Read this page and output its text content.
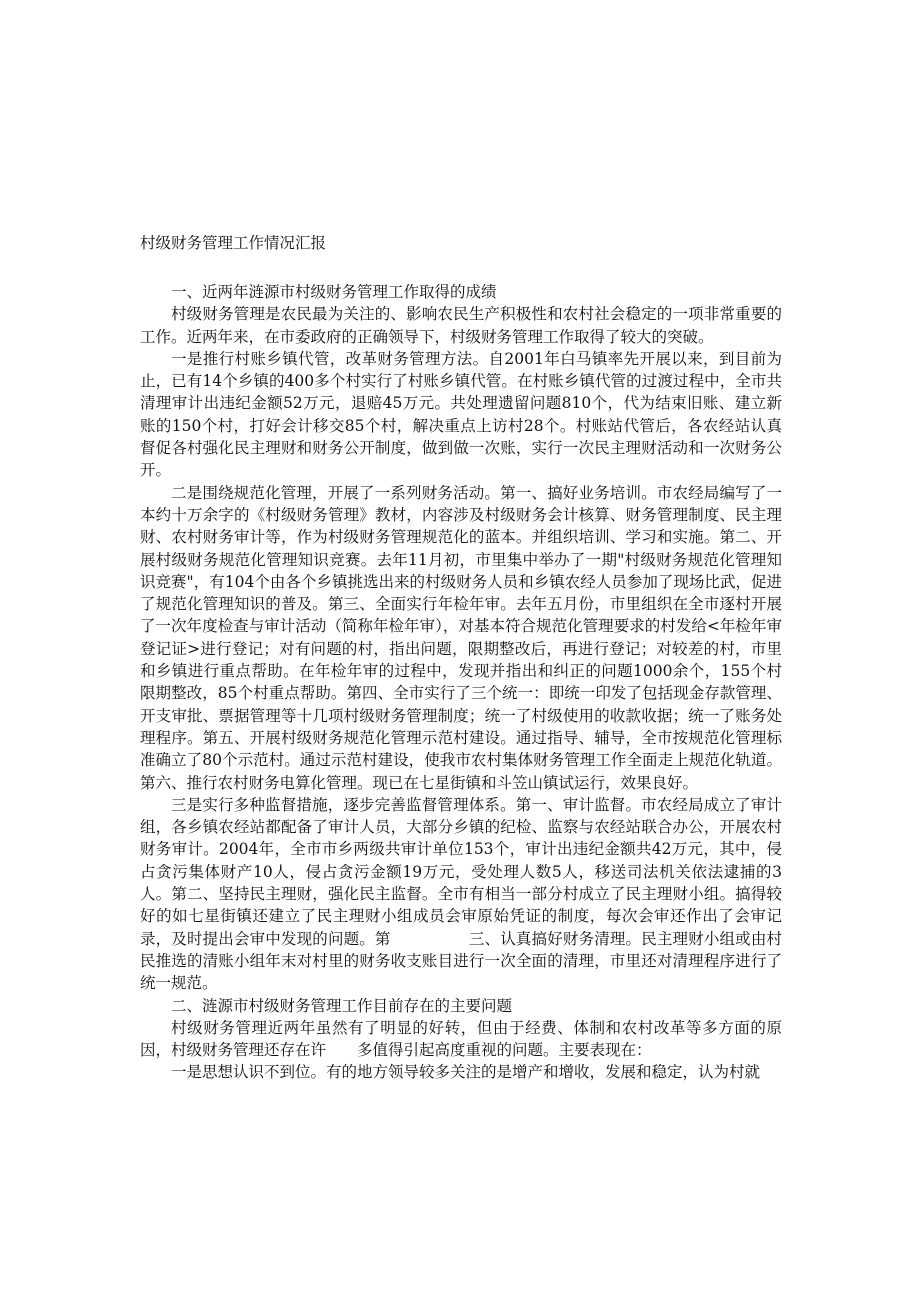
村级财务管理工作情况汇报

一、近两年涟源市村级财务管理工作取得的成绩

村级财务管理是农民最为关注的、影响农民生产积极性和农村社会稳定的一项非常重要的工作。近两年来，在市委政府的正确领导下，村级财务管理工作取得了较大的突破。

一是推行村账乡镇代管，改革财务管理方法。自2001年白马镇率先开展以来，到目前为止，已有14个乡镇的400多个村实行了村账乡镇代管。在村账乡镇代管的过渡过程中，全市共清理审计出违纪金额52万元，退赔45万元。共处理遗留问题810个，代为结束旧账、建立新账的150个村，打好会计移交85个村，解决重点上访村28个。村账站代管后，各农经站认真督促各村强化民主理财和财务公开制度，做到做一次账，实行一次民主理财活动和一次财务公开。

二是围绕规范化管理，开展了一系列财务活动。第一、搞好业务培训。市农经局编写了一本约十万余字的《村级财务管理》教材，内容涉及村级财务会计核算、财务管理制度、民主理财、农村财务审计等，作为村级财务管理规范化的蓝本。并组织培训、学习和实施。第二、开展村级财务规范化管理知识竞赛。去年11月初，市里集中举办了一期"村级财务规范化管理知识竞赛"，有104个由各个乡镇挑选出来的村级财务人员和乡镇农经人员参加了现场比武，促进了规范化管理知识的普及。第三、全面实行年检年审。去年五月份，市里组织在全市逐村开展了一次年度检查与审计活动（简称年检年审），对基本符合规范化管理要求的村发给<年检年审登记证>进行登记；对有问题的村，指出问题，限期整改后，再进行登记；对较差的村，市里和乡镇进行重点帮助。在年检年审的过程中，发现并指出和纠正的问题1000余个，155个村限期整改，85个村重点帮助。第四、全市实行了三个统一：即统一印发了包括现金存款管理、开支审批、票据管理等十几项村级财务管理制度；统一了村级使用的收款收据；统一了账务处理程序。第五、开展村级财务规范化管理示范村建设。通过指导、辅导，全市按规范化管理标准确立了80个示范村。通过示范村建设，使我市农村集体财务管理工作全面走上规范化轨道。第六、推行农村财务电算化管理。现已在七星街镇和斗笠山镇试运行，效果良好。

三是实行多种监督措施，逐步完善监督管理体系。第一、审计监督。市农经局成立了审计组，各乡镇农经站都配备了审计人员，大部分乡镇的纪检、监察与农经站联合办公，开展农村财务审计。2004年，全市市乡两级共审计单位153个，审计出违纪金额共42万元，其中，侵占贪污集体财产10人，侵占贪污金额19万元，受处理人数5人，移送司法机关依法逮捕的3人。第二、坚持民主理财，强化民主监督。全市有相当一部分村成立了民主理财小组。搞得较好的如七星街镇还建立了民主理财小组成员会审原始凭证的制度，每次会审还作出了会审记录，及时提出会审中发现的问题。第　　　　　三、认真搞好财务清理。民主理财小组或由村民推选的清账小组年末对村里的财务收支账目进行一次全面的清理，市里还对清理程序进行了统一规范。

二、涟源市村级财务管理工作目前存在的主要问题

村级财务管理近两年虽然有了明显的好转，但由于经费、体制和农村改革等多方面的原因，村级财务管理还存在许　　多值得引起高度重视的问题。主要表现在：

一是思想认识不到位。有的地方领导较多关注的是增产和增收，发展和稳定，认为村就
